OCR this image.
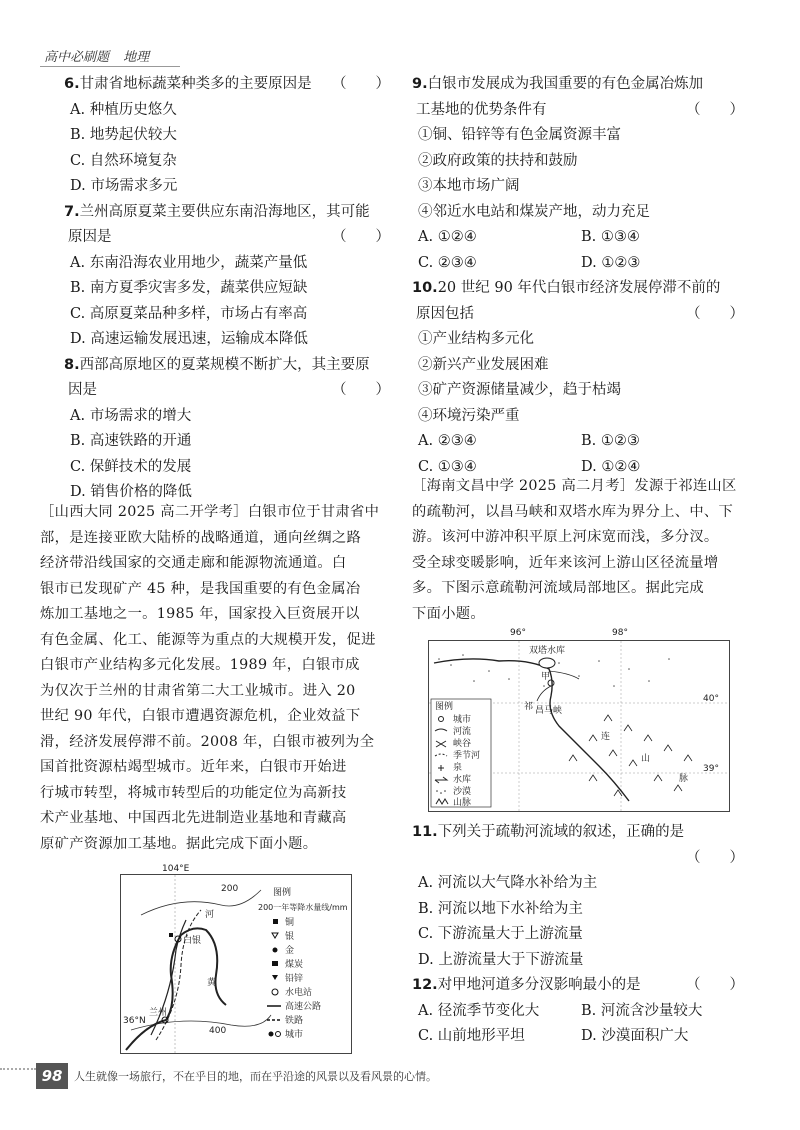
高中必刷题 地理
6.甘肃省地标蔬菜种类多的主要原因是 （　　）
A. 种植历史悠久
B. 地势起伏较大
C. 自然环境复杂
D. 市场需求多元
7.兰州高原夏菜主要供应东南沿海地区，其可能
原因是	（　　）
A. 东南沿海农业用地少，蔬菜产量低
B. 南方夏季灾害多发，蔬菜供应短缺
C. 高原夏菜品种多样，市场占有率高
D. 高速运输发展迅速，运输成本降低
8.西部高原地区的夏菜规模不断扩大，其主要原
因是	（　　）
A. 市场需求的增大
B. 高速铁路的开通
C. 保鲜技术的发展
D. 销售价格的降低
［山西大同 2025 高二开学考］白银市位于甘肃省中
部，是连接亚欧大陆桥的战略通道，通向丝绸之路
经济带沿线国家的交通走廊和能源物流通道。白
银市已发现矿产 45 种，是我国重要的有色金属冶
炼加工基地之一。1985 年，国家投入巨资展开以
有色金属、化工、能源等为重点的大规模开发，促进
白银市产业结构多元化发展。1989 年，白银市成
为仅次于兰州的甘肃省第二大工业城市。进入 20
世纪 90 年代，白银市遭遇资源危机，企业效益下
滑，经济发展停滞不前。2008 年，白银市被列为全
国首批资源枯竭型城市。近年来，白银市开始进
行城市转型，将城市转型后的功能定位为高新技
术产业基地、中国西北先进制造业基地和青藏高
原矿产资源加工基地。据此完成下面小题。
白银
兰州
河
黄
200
400
36°N
图例
200一年等降水量线/mm
铜
银
金
煤炭
铅锌
水电站
高速公路
铁路
城市
104°E
9.白银市发展成为我国重要的有色金属冶炼加
工基地的优势条件有	（　　）
①铜、铅锌等有色金属资源丰富
②政府政策的扶持和鼓励
③本地市场广阔
④邻近水电站和煤炭产地，动力充足
A. ①②④	B. ①③④
C. ②③④	D. ①②③
10.20 世纪 90 年代白银市经济发展停滞不前的
原因包括	（　　）
①产业结构多元化
②新兴产业发展困难
③矿产资源储量减少，趋于枯竭
④环境污染严重
A. ②③④	B. ①②③
C. ①③④	D. ①②④
［海南文昌中学 2025 高二月考］发源于祁连山区
的疏勒河，以昌马峡和双塔水库为界分上、中、下
游。该河中游冲积平原上河床宽而浅，多分汊。
受全球变暖影响，近年来该河上游山区径流量增
多。下图示意疏勒河流域局部地区。据此完成
下面小题。
双塔水库
甲
昌马峡
祁
连
山
脉
40°
39°
图例
城市
河流
峡谷
季节河
泉
水库
沙漠
山脉
96°	98°
11.下列关于疏勒河流域的叙述，正确的是
（　　）
A. 河流以大气降水补给为主
B. 河流以地下水补给为主
C. 下游流量大于上游流量
D. 上游流量大于下游流量
12.对甲地河道多分汊影响最小的是	（　　）
A. 径流季节变化大	B. 河流含沙量较大
C. 山前地形平坦	D. 沙漠面积广大
98	人生就像一场旅行，不在乎目的地，而在乎沿途的风景以及看风景的心情。
